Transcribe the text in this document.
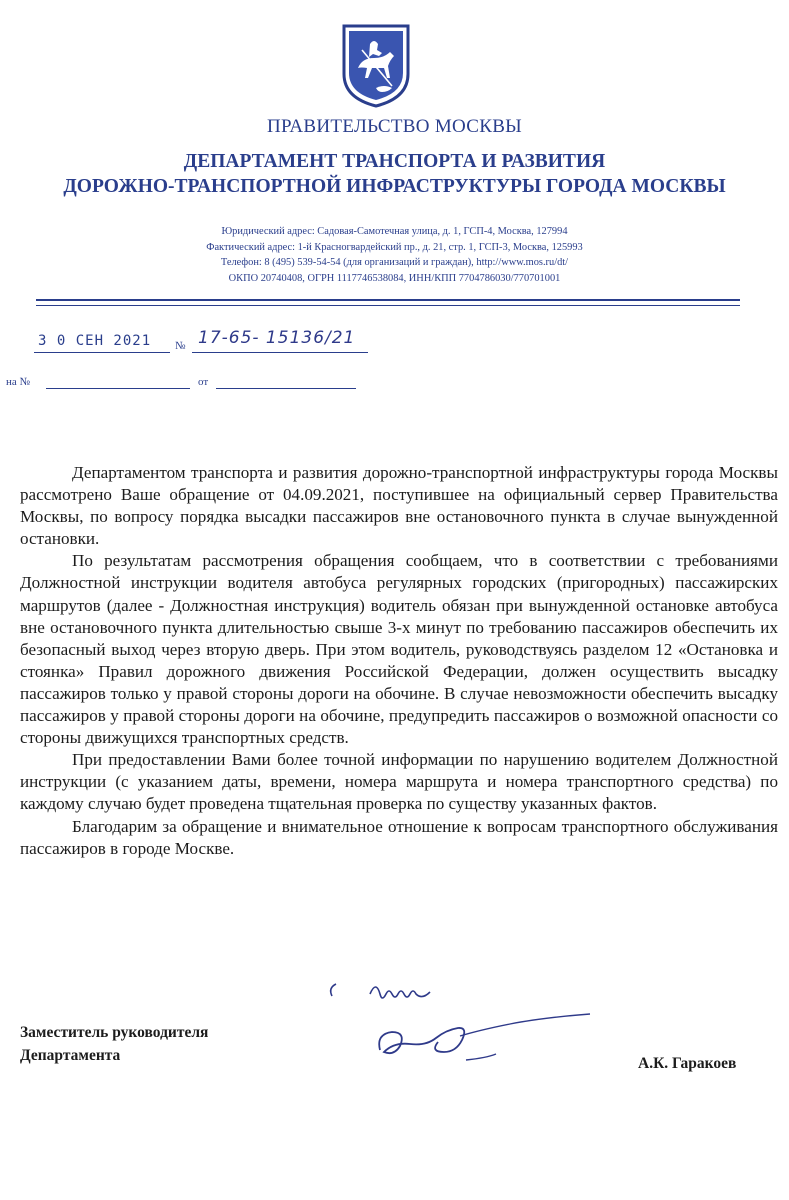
ПРАВИТЕЛЬСТВО МОСКВЫ
ДЕПАРТАМЕНТ ТРАНСПОРТА И РАЗВИТИЯ
ДОРОЖНО-ТРАНСПОРТНОЙ ИНФРАСТРУКТУРЫ ГОРОДА МОСКВЫ
Юридический адрес: Садовая-Самотечная улица, д. 1, ГСП-4, Москва, 127994
Фактический адрес: 1-й Красногвардейский пр., д. 21, стр. 1, ГСП-3, Москва, 125993
Телефон: 8 (495) 539-54-54 (для организаций и граждан), http://www.mos.ru/dt/
ОКПО 20740408, ОГРН 1117746538084, ИНН/КПП 7704786030/770701001
3 0 СЕН 2021 № 17-65- 15136/21
на №	от

Департаментом транспорта и развития дорожно-транспортной инфраструктуры города Москвы рассмотрено Ваше обращение от 04.09.2021, поступившее на официальный сервер Правительства Москвы, по вопросу порядка высадки пассажиров вне остановочного пункта в случае вынужденной остановки.

По результатам рассмотрения обращения сообщаем, что в соответствии с требованиями Должностной инструкции водителя автобуса регулярных городских (пригородных) пассажирских маршрутов (далее - Должностная инструкция) водитель обязан при вынужденной остановке автобуса вне остановочного пункта длительностью свыше 3-х минут по требованию пассажиров обеспечить их безопасный выход через вторую дверь. При этом водитель, руководствуясь разделом 12 «Остановка и стоянка» Правил дорожного движения Российской Федерации, должен осуществить высадку пассажиров только у правой стороны дороги на обочине. В случае невозможности обеспечить высадку пассажиров у правой стороны дороги на обочине, предупредить пассажиров о возможной опасности со стороны движущихся транспортных средств.

При предоставлении Вами более точной информации по нарушению водителем Должностной инструкции (с указанием даты, времени, номера маршрута и номера транспортного средства) по каждому случаю будет проведена тщательная проверка по существу указанных фактов.

Благодарим за обращение и внимательное отношение к вопросам транспортного обслуживания пассажиров в городе Москве.

Заместитель руководителя
Департамента	А.К. Гаракоев
